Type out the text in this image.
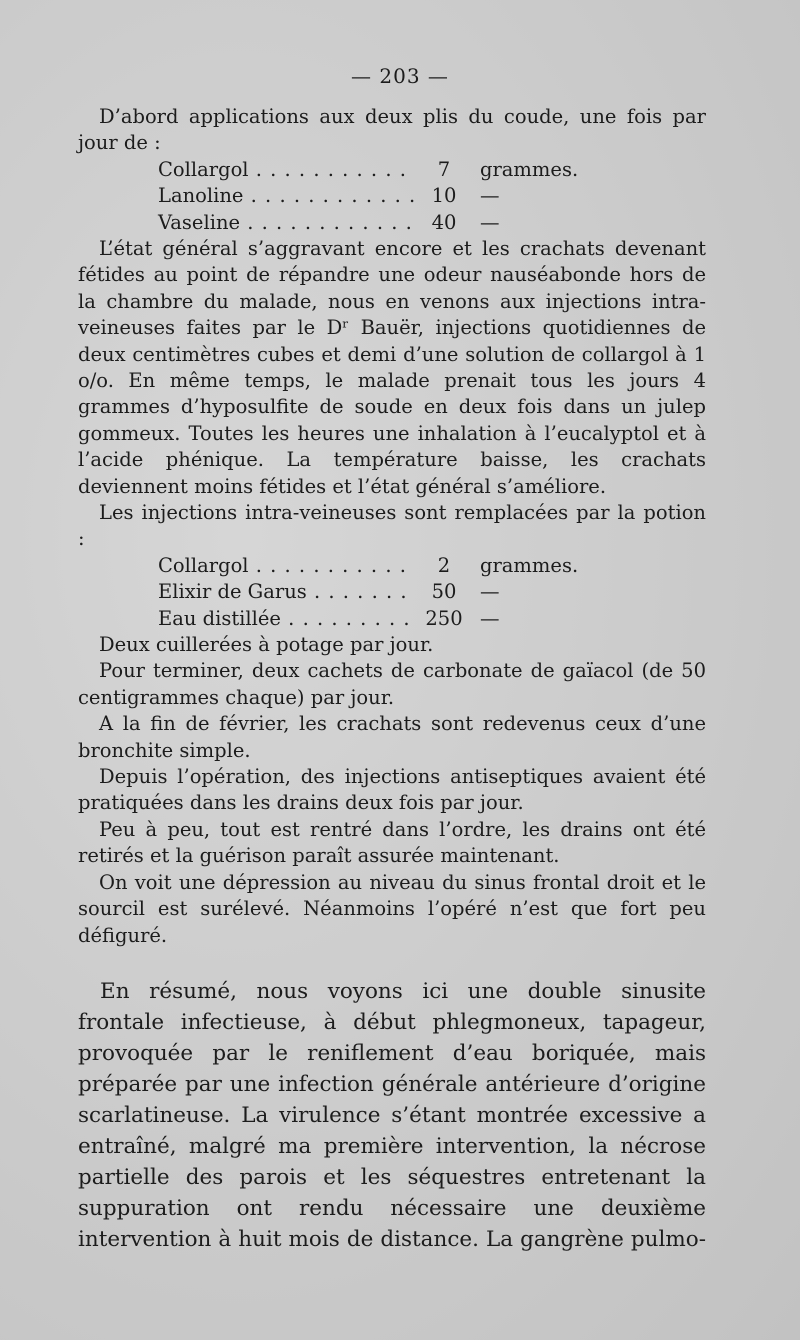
— 203 —

D’abord applications aux deux plis du coude, une fois par jour de :

Collargol . . .	7	grammes.
Lanoline . . .	10	—
Vaseline . . .	40	—

L’état général s’aggravant encore et les crachats devenant fétides au point de répandre une odeur nauséabonde hors de la chambre du malade, nous en venons aux injections intra-veineuses faites par le Dʳ Bauër, injections quotidiennes de deux centimètres cubes et demi d’une solution de collargol à 1 o/o. En même temps, le malade prenait tous les jours 4 grammes d’hyposulfite de soude en deux fois dans un julep gommeux. Toutes les heures une inhalation à l’eucalyptol et à l’acide phénique. La température baisse, les crachats deviennent moins fétides et l’état général s’améliore.

Les injections intra-veineuses sont remplacées par la potion :

Collargol . . .	2	grammes.
Elixir de Garus . . .	50	—
Eau distillée . . .	250 —

Deux cuillerées à potage par jour.

Pour terminer, deux cachets de carbonate de gaïacol (de 50 centigrammes chaque) par jour.

A la fin de février, les crachats sont redevenus ceux d’une bronchite simple.

Depuis l’opération, des injections antiseptiques avaient été pratiquées dans les drains deux fois par jour.

Peu à peu, tout est rentré dans l’ordre, les drains ont été retirés et la guérison paraît assurée maintenant.

On voit une dépression au niveau du sinus frontal droit et le sourcil est surélevé. Néanmoins l’opéré n’est que fort peu défiguré.

En résumé, nous voyons ici une double sinusite frontale infectieuse, à début phlegmoneux, tapageur, provoquée par le reniflement d’eau boriquée, mais préparée par une infection générale antérieure d’origine scarlatineuse. La virulence s’étant montrée excessive a entraîné, malgré ma première intervention, la nécrose partielle des parois et les séquestres entretenant la suppuration ont rendu nécessaire une deuxième intervention à huit mois de distance. La gangrène pulmo-
